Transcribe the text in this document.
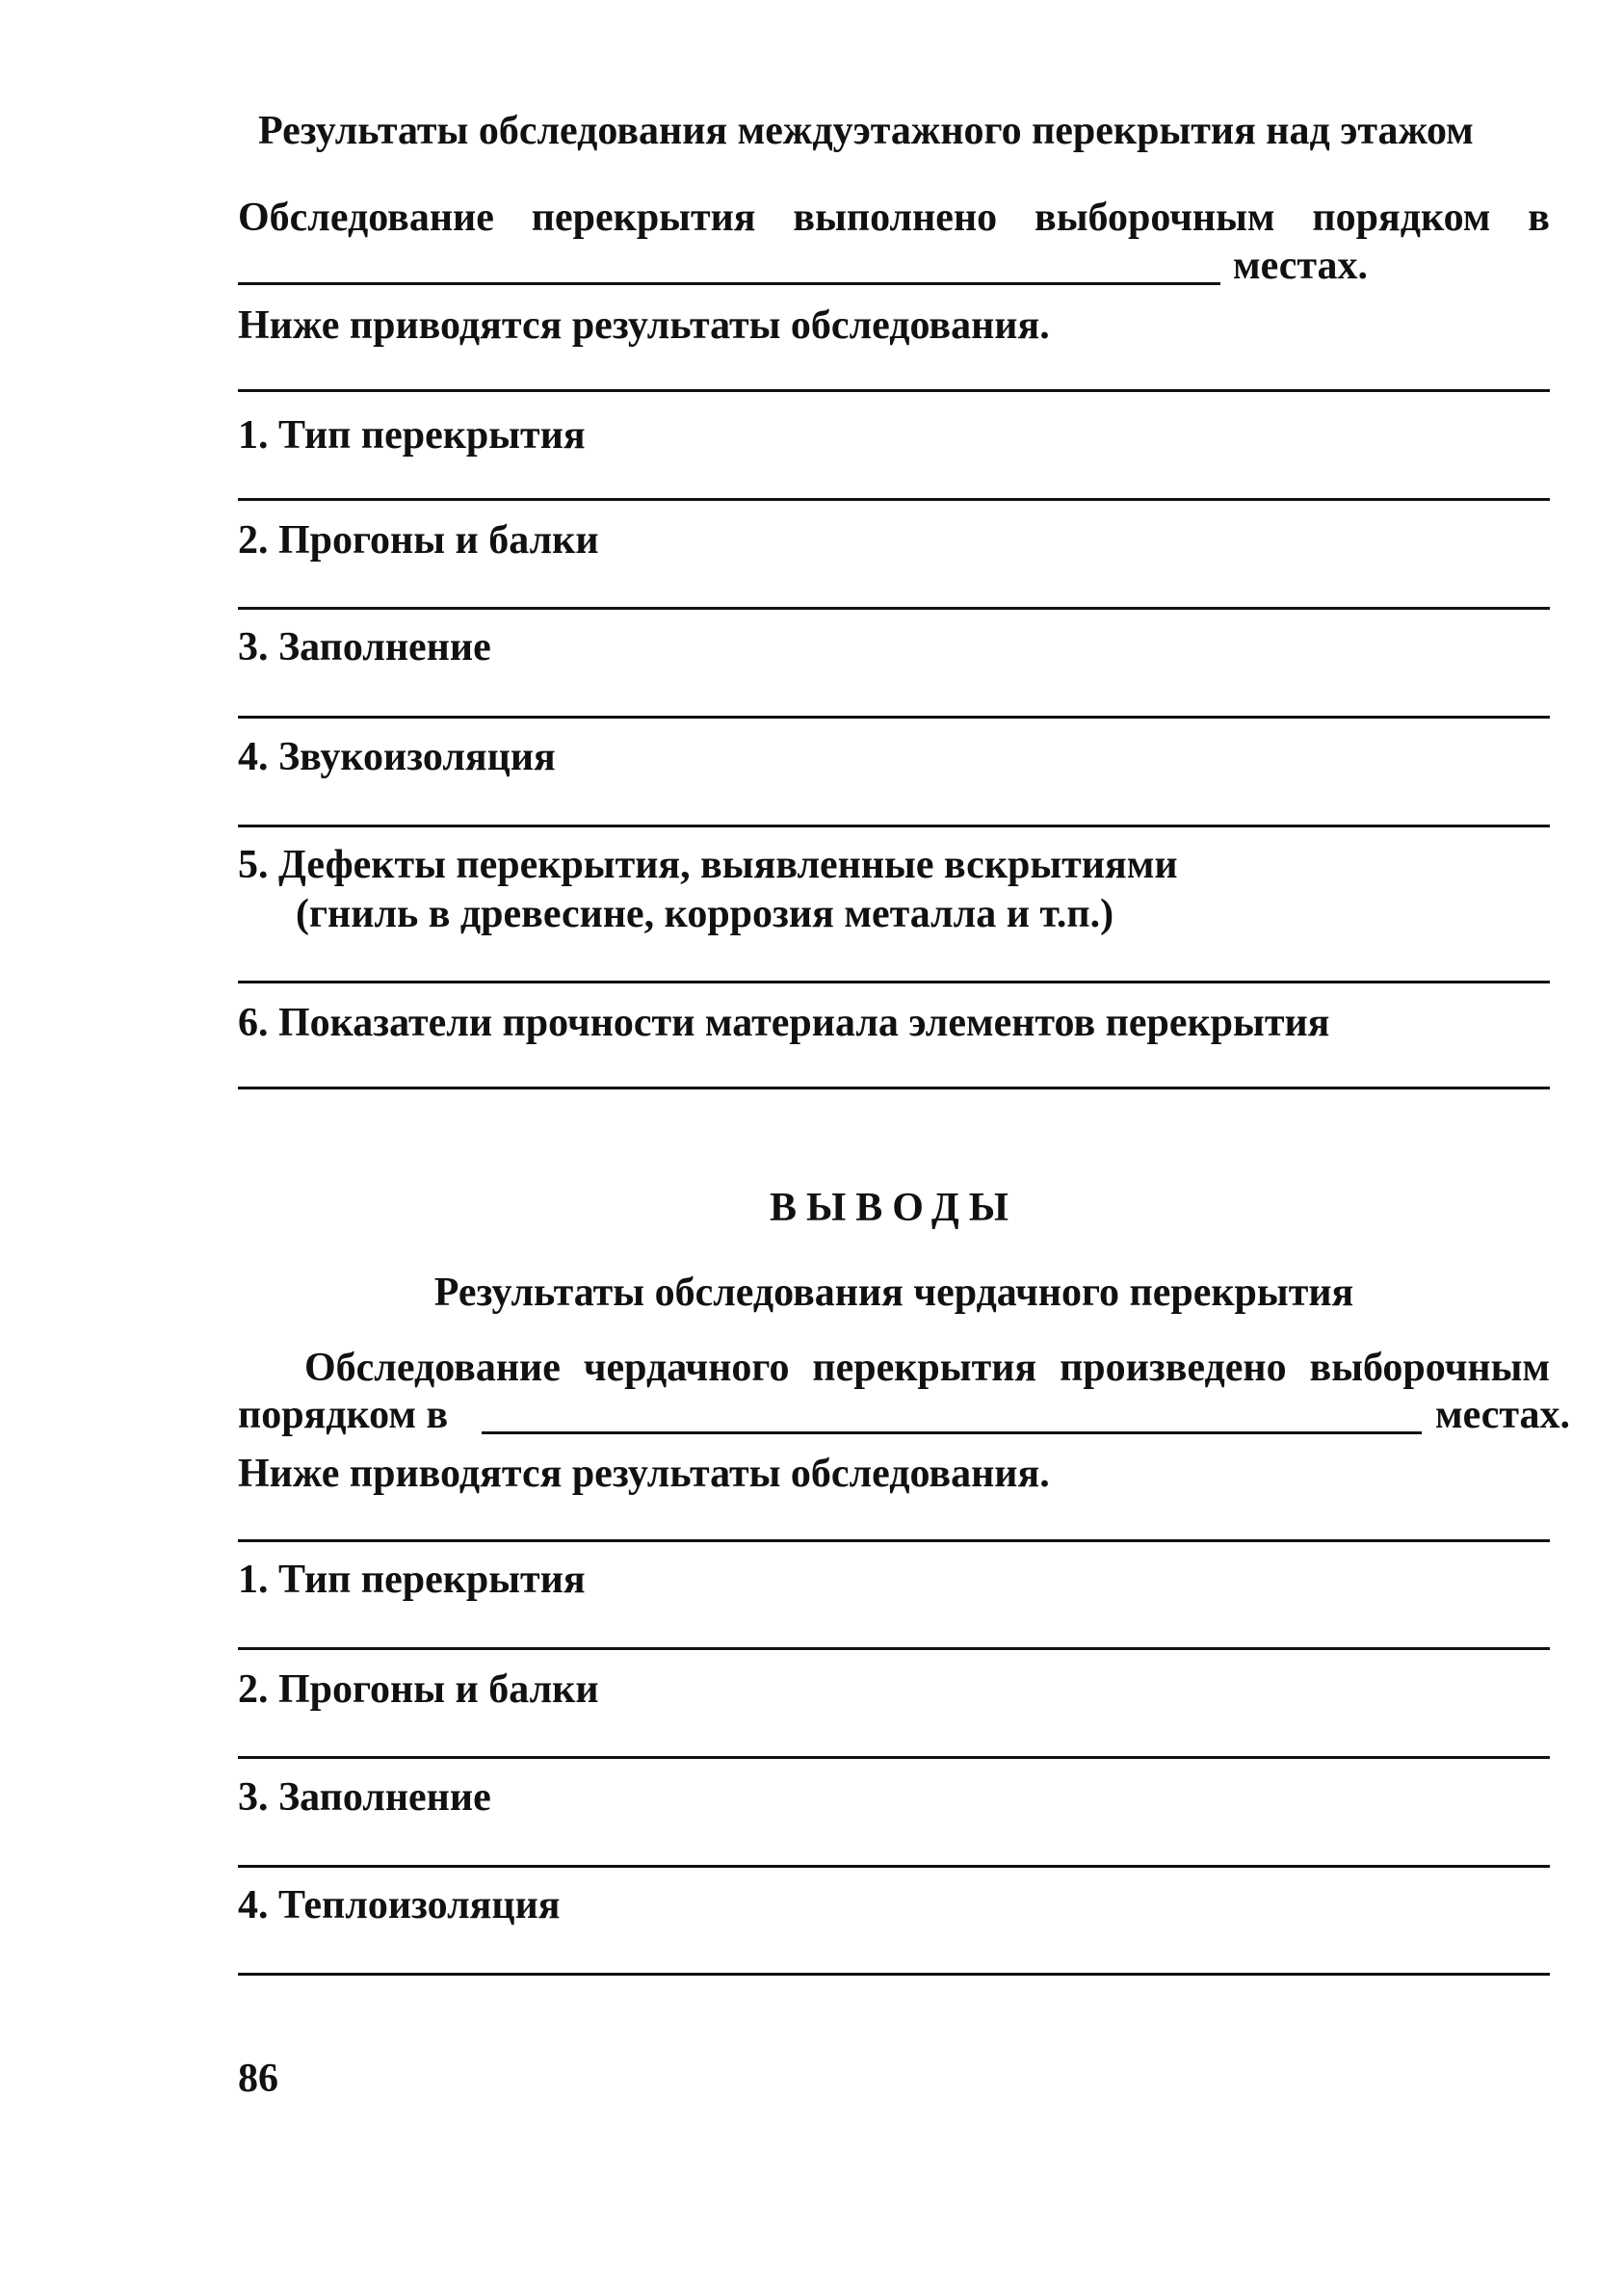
Результаты обследования междуэтажного перекрытия над этажом
Обследование перекрытия выполнено выборочным порядком в
местах.
Ниже приводятся результаты обследования.
1. Тип перекрытия
2. Прогоны и балки
3. Заполнение
4. Звукоизоляция
5. Дефекты перекрытия, выявленные вскрытиями
(гниль в древесине, коррозия металла и т.п.)
6. Показатели прочности материала элементов перекрытия
ВЫВОДЫ
Результаты обследования чердачного перекрытия
Обследование чердачного перекрытия произведено выборочным
порядком в	местах.
Ниже приводятся результаты обследования.
1. Тип перекрытия
2. Прогоны и балки
3. Заполнение
4. Теплоизоляция
86
